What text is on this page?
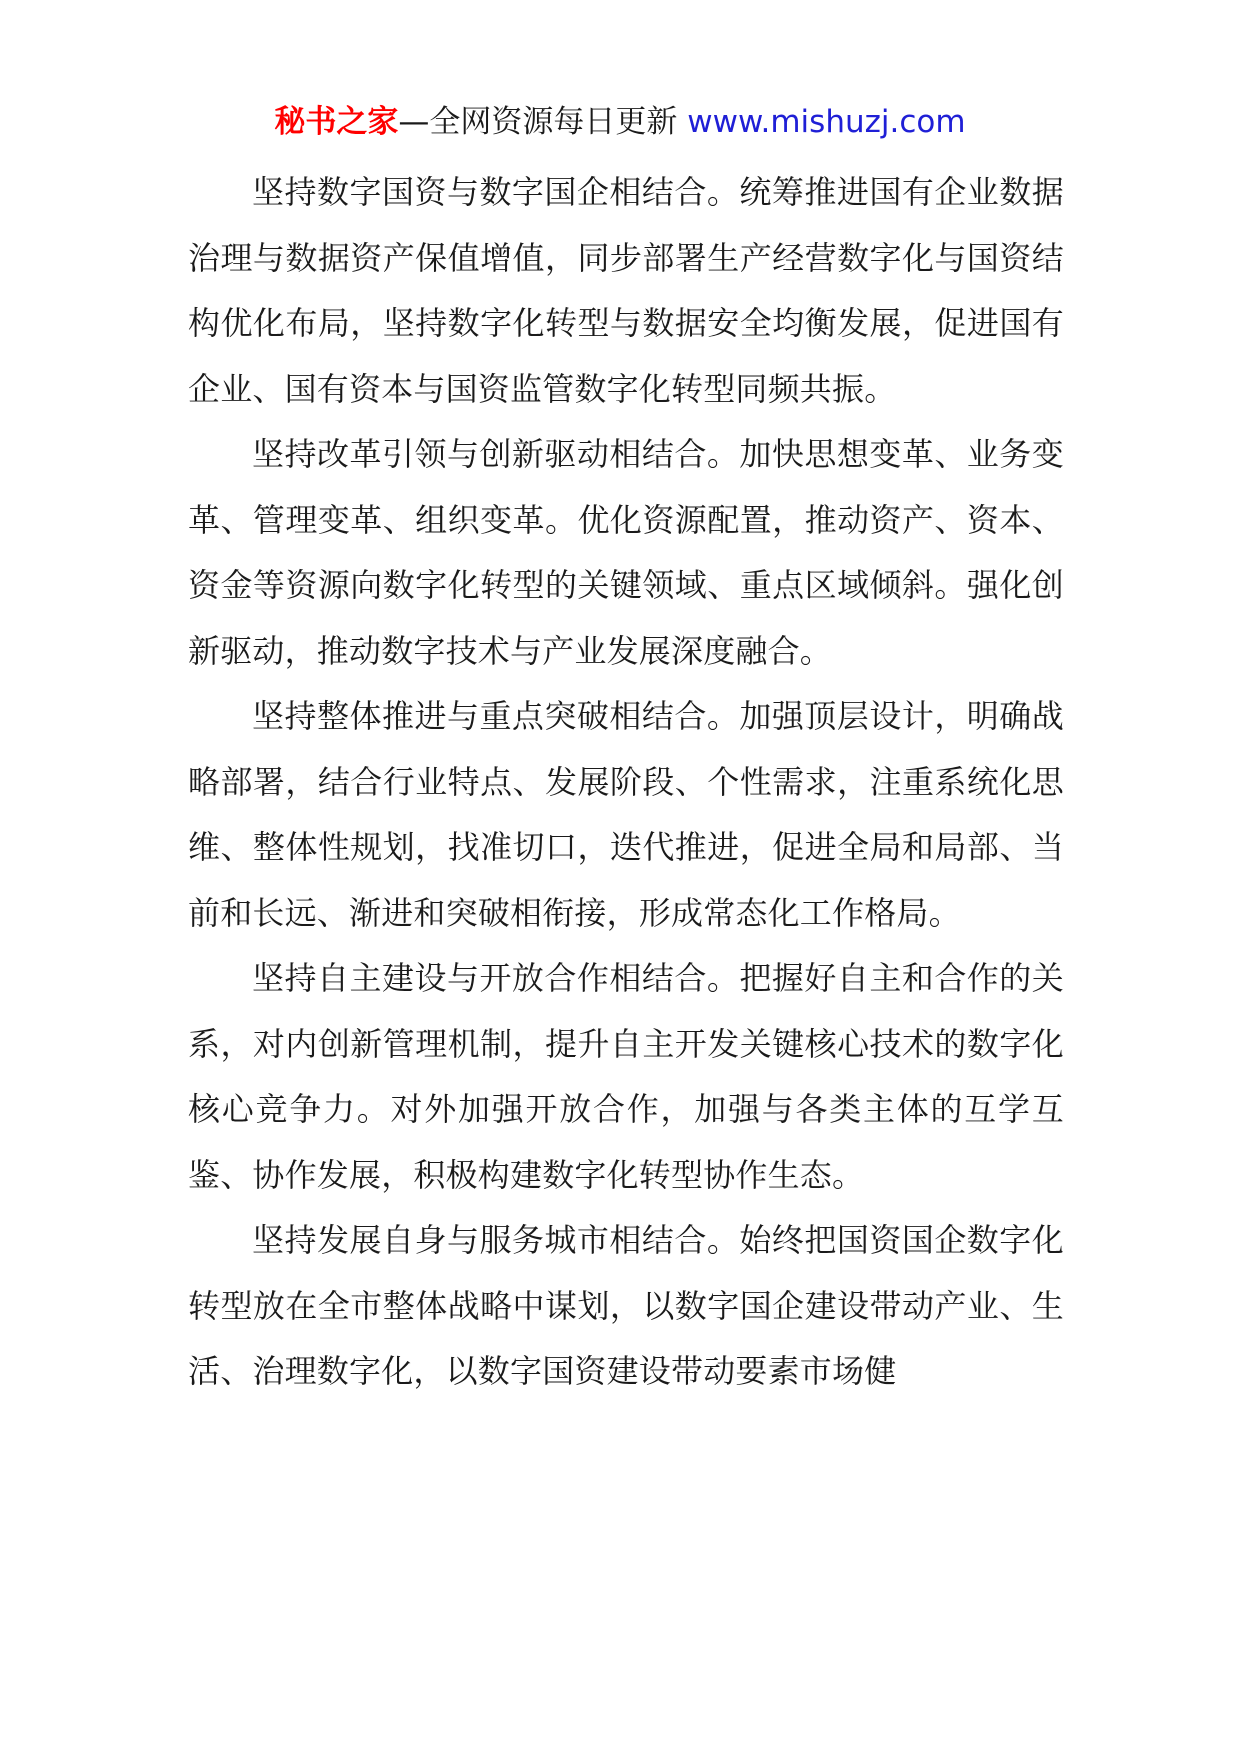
秘书之家—全网资源每日更新 www.mishuzj.com

坚持数字国资与数字国企相结合。统筹推进国有企业数据治理与数据资产保值增值，同步部署生产经营数字化与国资结构优化布局，坚持数字化转型与数据安全均衡发展，促进国有企业、国有资本与国资监管数字化转型同频共振。

坚持改革引领与创新驱动相结合。加快思想变革、业务变革、管理变革、组织变革。优化资源配置，推动资产、资本、资金等资源向数字化转型的关键领域、重点区域倾斜。强化创新驱动，推动数字技术与产业发展深度融合。

坚持整体推进与重点突破相结合。加强顶层设计，明确战略部署，结合行业特点、发展阶段、个性需求，注重系统化思维、整体性规划，找准切口，迭代推进，促进全局和局部、当前和长远、渐进和突破相衔接，形成常态化工作格局。

坚持自主建设与开放合作相结合。把握好自主和合作的关系，对内创新管理机制，提升自主开发关键核心技术的数字化核心竞争力。对外加强开放合作，加强与各类主体的互学互鉴、协作发展，积极构建数字化转型协作生态。

坚持发展自身与服务城市相结合。始终把国资国企数字化转型放在全市整体战略中谋划，以数字国企建设带动产业、生活、治理数字化，以数字国资建设带动要素市场健
